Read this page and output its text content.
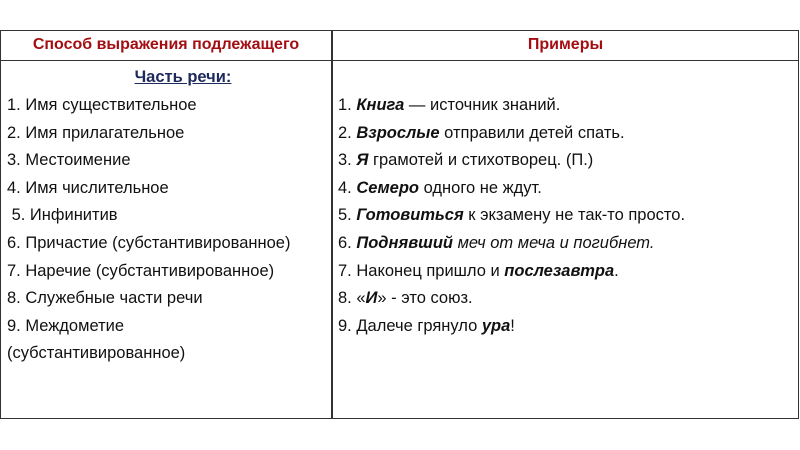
Способ выражения подлежащего	Примеры
Часть речи:
1. Имя существительное
2. Имя прилагательное
3. Местоимение
4. Имя числительное
5. Инфинитив
6. Причастие (субстантивированное)
7. Наречие (субстантивированное)
8. Служебные части речи
9. Междометие
(субстантивированное)
1. Книга — источник знаний.
2. Взрослые отправили детей спать.
3. Я грамотей и стихотворец. (П.)
4. Семеро одного не ждут.
5. Готовиться к экзамену не так-то просто.
6. Поднявший меч от меча и погибнет.
7. Наконец пришло и послезавтра.
8. «И» - это союз.
9. Далече грянуло ура!
